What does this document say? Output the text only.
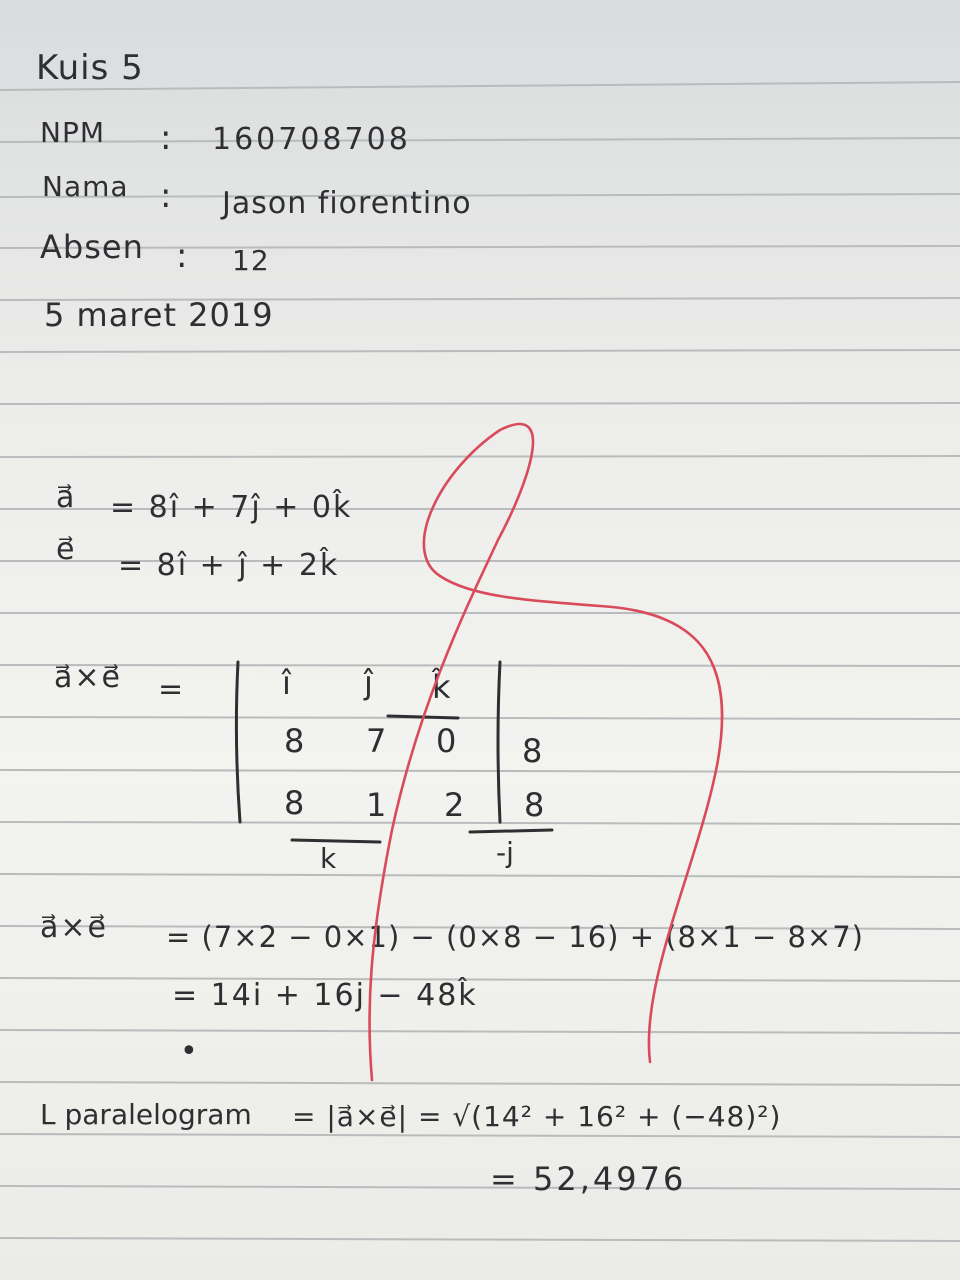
Kuis 5
NPM : 160708708
Nama : Jason fiorentino
Absen : 12
5 maret 2019
a⃗ = 8î + 7ĵ + 0k̂
e⃗ = 8î + ĵ + 2k̂
a⃗×e⃗ =	î ĵ k̂
8 7 0 8
8 1 2 8
k	-j
a⃗×e⃗ = (7×2 − 0×1) − (0×8 − 16) + (8×1 − 8×7)
= 14i + 16j − 48k̂
•
L paralelogram = |a⃗×e⃗| = √(14² + 16² + (−48)²)
= 52,4976
